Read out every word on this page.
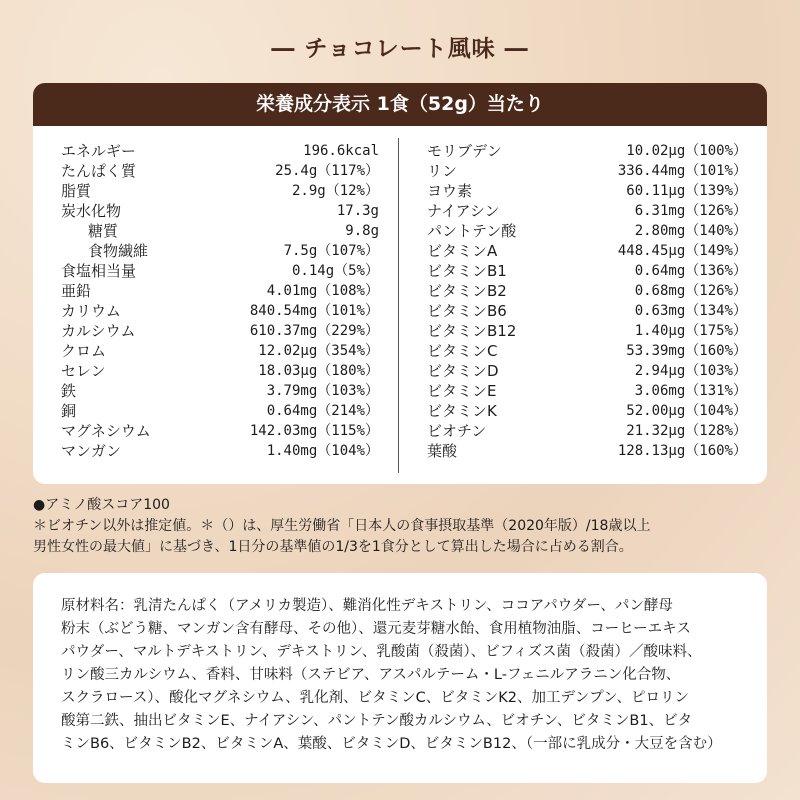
― チョコレート風味 ―
栄養成分表示 1食（52g）当たり
エネルギー	196.6kcal
たんぱく質	25.4g（117%）
脂質	2.9g（12%）
炭水化物	17.3g
糖質	9.8g
食物繊維	7.5g（107%）
食塩相当量	0.14g（5%）
亜鉛	4.01mg（108%）
カリウム	840.54mg（101%）
カルシウム	610.37mg（229%）
クロム	12.02μg（354%）
セレン	18.03μg（180%）
鉄	3.79mg（103%）
銅	0.64mg（214%）
マグネシウム	142.03mg（115%）
マンガン	1.40mg（104%）
モリブデン	10.02μg（100%）
リン	336.44mg（101%）
ヨウ素	60.11μg（139%）
ナイアシン	6.31mg（126%）
パントテン酸	2.80mg（140%）
ビタミンA	448.45μg（149%）
ビタミンB1	0.64mg（136%）
ビタミンB2	0.68mg（126%）
ビタミンB6	0.63mg（134%）
ビタミンB12	1.40μg（175%）
ビタミンC	53.39mg（160%）
ビタミンD	2.94μg（103%）
ビタミンE	3.06mg（131%）
ビタミンK	52.00μg（104%）
ビオチン	21.32μg（128%）
葉酸	128.13μg（160%）
●アミノ酸スコア100
＊ビオチン以外は推定値。＊（）は、厚生労働省「日本人の食事摂取基準（2020年版）/18歳以上
男性女性の最大値」に基づき、1日分の基準値の1/3を1食分として算出した場合に占める割合。
原材料名：乳清たんぱく（アメリカ製造）、難消化性デキストリン、ココアパウダー、パン酵母
粉末（ぶどう糖、マンガン含有酵母、その他）、還元麦芽糖水飴、食用植物油脂、コーヒーエキス
パウダー、マルトデキストリン、デキストリン、乳酸菌（殺菌）、ビフィズス菌（殺菌）／酸味料、
リン酸三カルシウム、香料、甘味料（ステビア、アスパルテーム・L-フェニルアラニン化合物、
スクラロース）、酸化マグネシウム、乳化剤、ビタミンC、ビタミンK2、加工デンプン、ピロリン
酸第二鉄、抽出ビタミンE、ナイアシン、パントテン酸カルシウム、ビオチン、ビタミンB1、ビタ
ミンB6、ビタミンB2、ビタミンA、葉酸、ビタミンD、ビタミンB12、（一部に乳成分・大豆を含む）
